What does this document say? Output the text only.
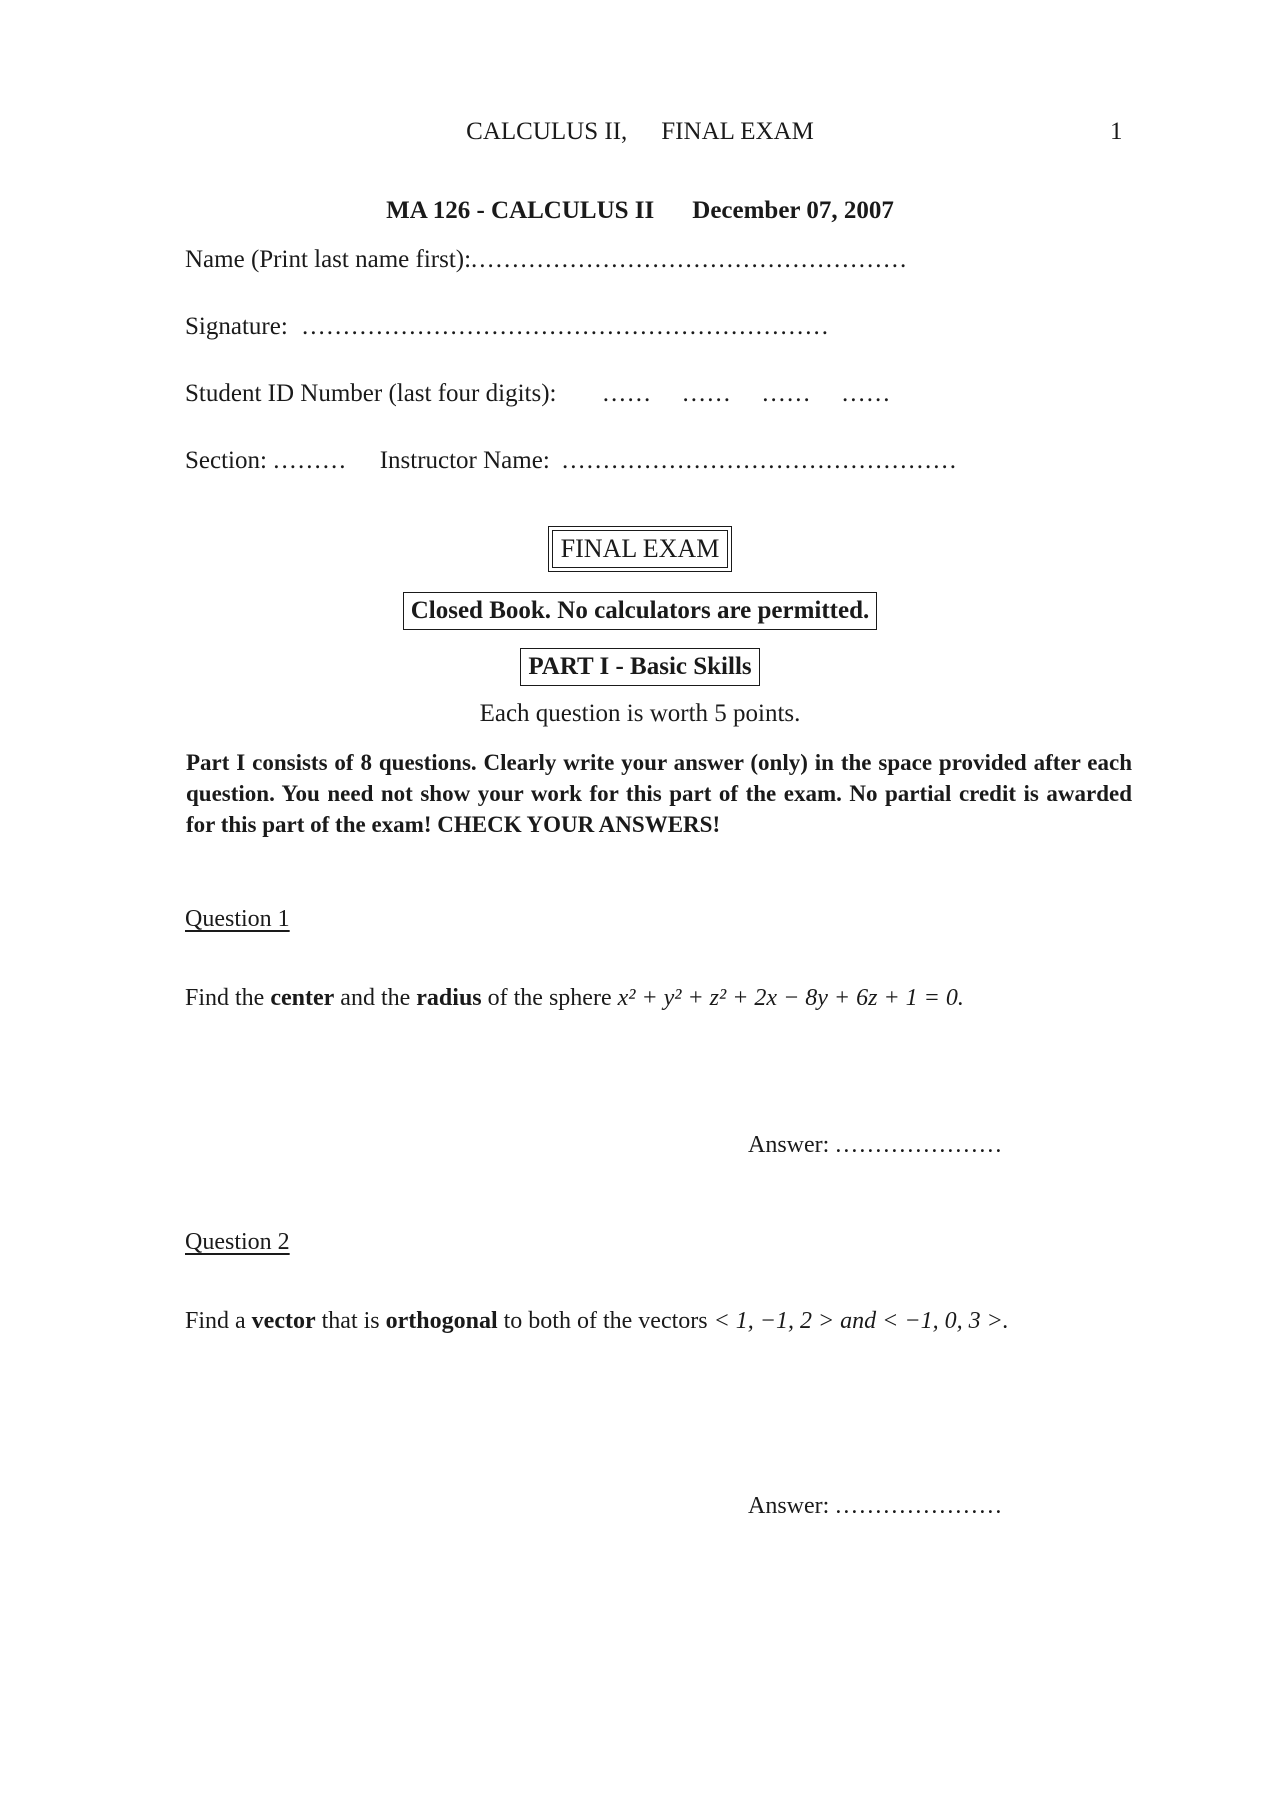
CALCULUS II, FINAL EXAM	1
MA 126 - CALCULUS II December 07, 2007
Name (Print last name first):.....................................................
Signature: ................................................................
Student ID Number (last four digits): ...... ...... ...... ......
Section: ......... Instructor Name: ................................................
FINAL EXAM
Closed Book. No calculators are permitted.
PART I - Basic Skills
Each question is worth 5 points.
Part I consists of 8 questions. Clearly write your answer (only) in the space provided after each question. You need not show your work for this part of the exam. No partial credit is awarded for this part of the exam! CHECK YOUR ANSWERS!
Question 1
Find the center and the radius of the sphere x² + y² + z² + 2x − 8y + 6z + 1 = 0.
Answer: .....................
Question 2
Find a vector that is orthogonal to both of the vectors < 1, −1, 2 > and < −1, 0, 3 >.
Answer: .....................
